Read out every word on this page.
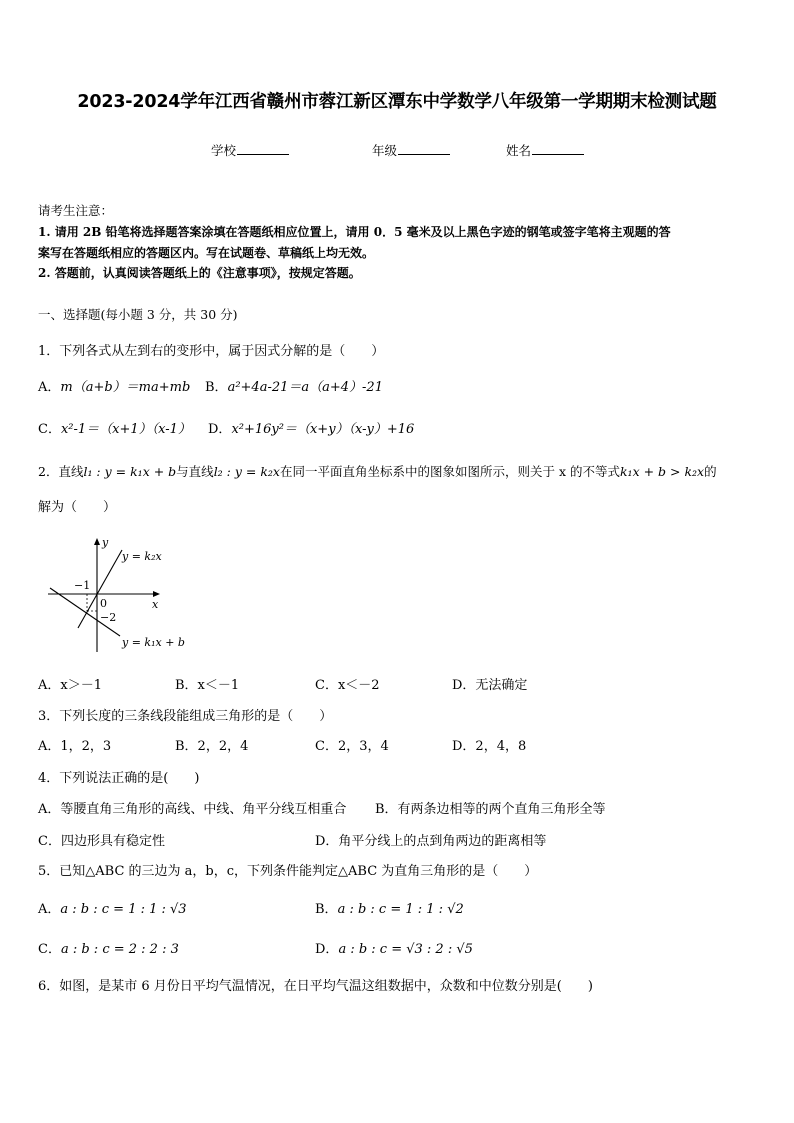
2023-2024学年江西省赣州市蓉江新区潭东中学数学八年级第一学期期末检测试题
学校	年级	姓名
请考生注意：
1. 请用 2B 铅笔将选择题答案涂填在答题纸相应位置上，请用 0．5 毫米及以上黑色字迹的钢笔或签字笔将主观题的答
案写在答题纸相应的答题区内。写在试题卷、草稿纸上均无效。
2. 答题前，认真阅读答题纸上的《注意事项》，按规定答题。
一、选择题(每小题 3 分，共 30 分)
1．下列各式从左到右的变形中，属于因式分解的是（　　）
A．m（a+b）＝ma+mb B．a²+4a-21＝a（a+4）-21
C．x²-1＝（x+1）（x-1） D．x²+16y²＝（x+y）（x-y）+16
2．直线l₁ : y = k₁x + b与直线l₂ : y = k₂x在同一平面直角坐标系中的图象如图所示，则关于 x 的不等式k₁x + b > k₂x的
解为（　　）
y
x
0
−1
−2
y = k₂x
y = k₁x + b
A．x＞－1	B．x＜－1	C．x＜－2	D．无法确定
3．下列长度的三条线段能组成三角形的是（　　）
A．1，2，3	B．2，2，4	C．2，3，4	D．2，4，8
4．下列说法正确的是(　　)
A．等腰直角三角形的高线、中线、角平分线互相重合 B．有两条边相等的两个直角三角形全等
C．四边形具有稳定性	D．角平分线上的点到角两边的距离相等
5．已知△ABC 的三边为 a，b，c，下列条件能判定△ABC 为直角三角形的是（　　）
A．a : b : c = 1 : 1 : √3	B．a : b : c = 1 : 1 : √2
C．a : b : c = 2 : 2 : 3	D．a : b : c = √3 : 2 : √5
6．如图，是某市 6 月份日平均气温情况，在日平均气温这组数据中，众数和中位数分别是(　　)
